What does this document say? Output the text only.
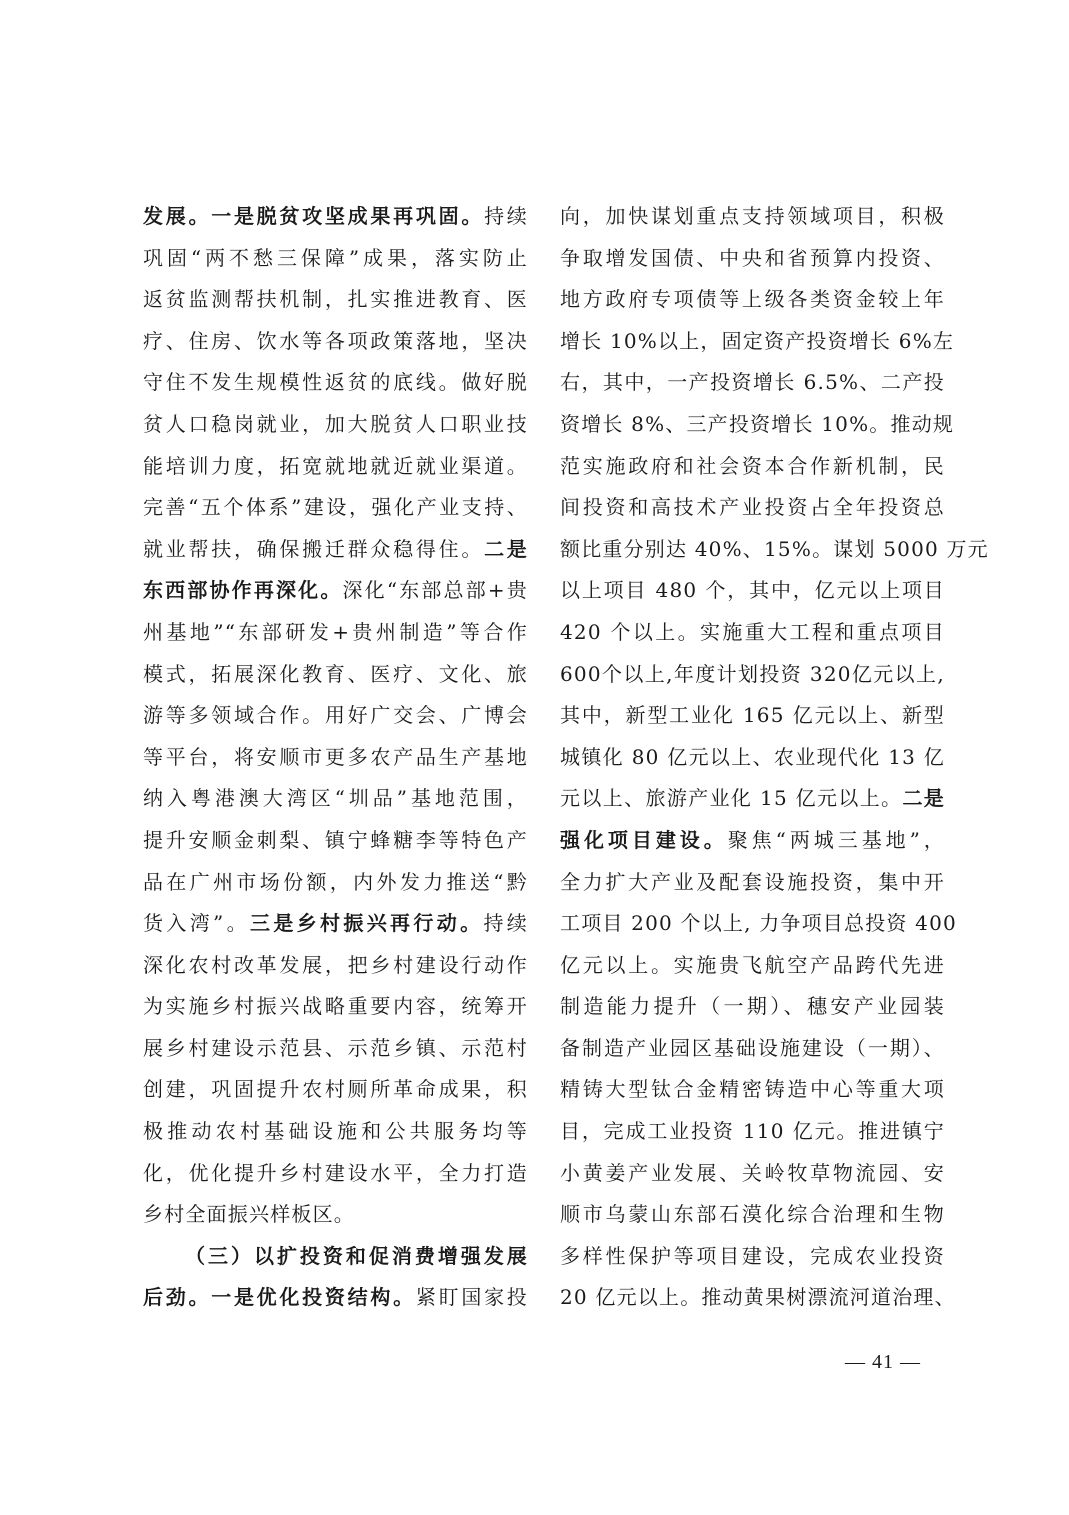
发展。一是脱贫攻坚成果再巩固。持续
巩固“两不愁三保障”成果，落实防止
返贫监测帮扶机制，扎实推进教育、医
疗、住房、饮水等各项政策落地，坚决
守住不发生规模性返贫的底线。做好脱
贫人口稳岗就业，加大脱贫人口职业技
能培训力度，拓宽就地就近就业渠道。
完善“五个体系”建设，强化产业支持、
就业帮扶，确保搬迁群众稳得住。二是
东西部协作再深化。深化“东部总部+贵
州基地”“东部研发+贵州制造”等合作
模式，拓展深化教育、医疗、文化、旅
游等多领域合作。用好广交会、广博会
等平台，将安顺市更多农产品生产基地
纳入粤港澳大湾区“圳品”基地范围，
提升安顺金刺梨、镇宁蜂糖李等特色产
品在广州市场份额，内外发力推送“黔
货入湾”。三是乡村振兴再行动。持续
深化农村改革发展，把乡村建设行动作
为实施乡村振兴战略重要内容，统筹开
展乡村建设示范县、示范乡镇、示范村
创建，巩固提升农村厕所革命成果，积
极推动农村基础设施和公共服务均等
化，优化提升乡村建设水平，全力打造
乡村全面振兴样板区。
（三）以扩投资和促消费增强发展
后劲。一是优化投资结构。紧盯国家投
向，加快谋划重点支持领域项目，积极
争取增发国债、中央和省预算内投资、
地方政府专项债等上级各类资金较上年
增长 10%以上，固定资产投资增长 6%左
右，其中，一产投资增长 6.5%、二产投
资增长 8%、三产投资增长 10%。推动规
范实施政府和社会资本合作新机制，民
间投资和高技术产业投资占全年投资总
额比重分别达 40%、15%。谋划 5000 万元
以上项目 480 个，其中，亿元以上项目
420 个以上。实施重大工程和重点项目
600个以上,年度计划投资 320亿元以上,
其中，新型工业化 165 亿元以上、新型
城镇化 80 亿元以上、农业现代化 13 亿
元以上、旅游产业化 15 亿元以上。二是
强化项目建设。聚焦“两城三基地”，
全力扩大产业及配套设施投资，集中开
工项目 200 个以上, 力争项目总投资 400
亿元以上。实施贵飞航空产品跨代先进
制造能力提升（一期）、穗安产业园装
备制造产业园区基础设施建设（一期）、
精铸大型钛合金精密铸造中心等重大项
目，完成工业投资 110 亿元。推进镇宁
小黄姜产业发展、关岭牧草物流园、安
顺市乌蒙山东部石漠化综合治理和生物
多样性保护等项目建设，完成农业投资
20 亿元以上。推动黄果树漂流河道治理、
— 41 —
